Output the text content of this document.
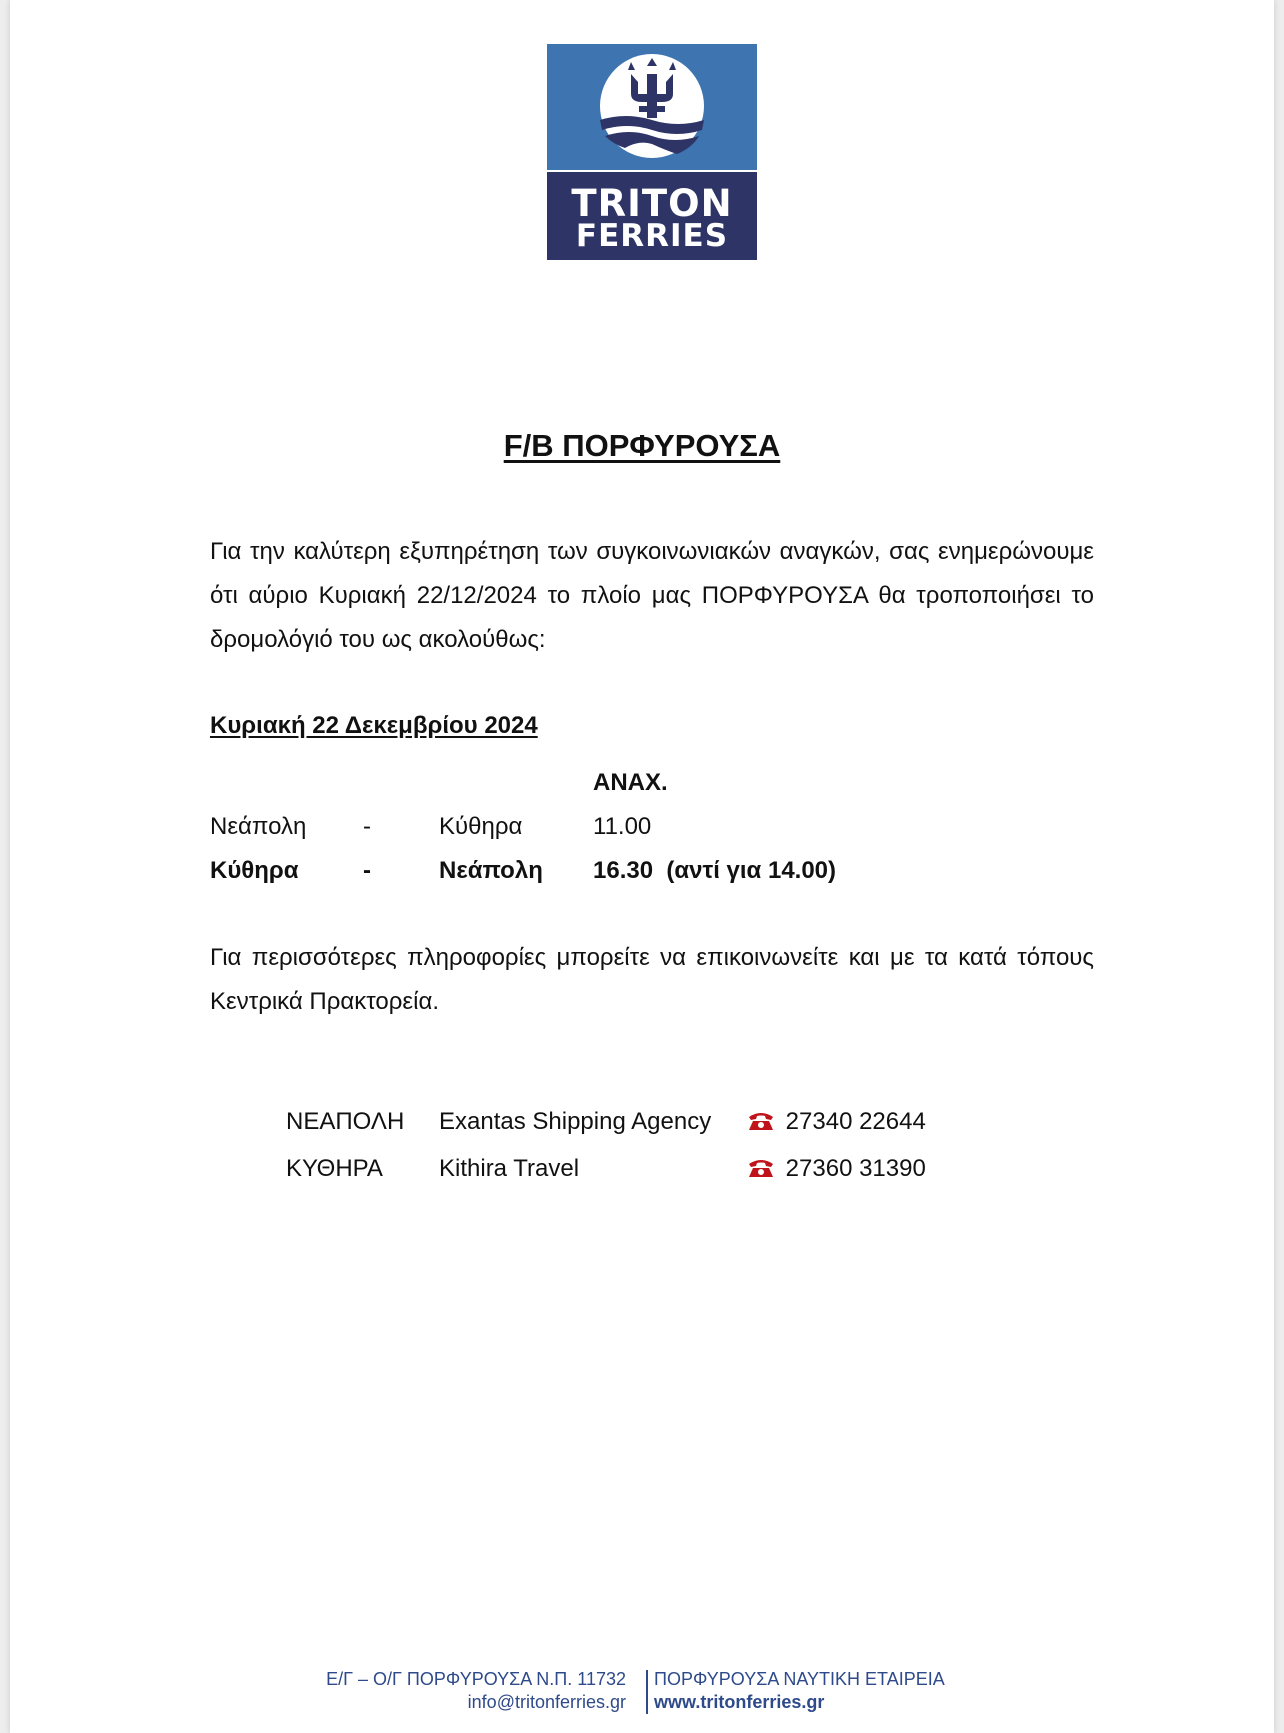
TRITON
FERRIES
F/B ΠΟΡΦΥΡΟΥΣΑ
Για την καλύτερη εξυπηρέτηση των συγκοινωνιακών αναγκών, σας ενημερώνουμε ότι αύριο Κυριακή 22/12/2024 το πλοίο μας ΠΟΡΦΥΡΟΥΣΑ θα τροποποιήσει το δρομολόγιό του ως ακολούθως:
Κυριακή 22 Δεκεμβρίου 2024
ΑΝΑΧ.
Νεάπολη -	Κύθηρα	11.00
Κύθηρα	-	Νεάπολη 16.30  (αντί για 14.00)
Για περισσότερες πληροφορίες μπορείτε να επικοινωνείτε και με τα κατά τόπους Κεντρικά Πρακτορεία.
ΝΕΑΠΟΛΗ Exantas Shipping Agency	27340 22644
ΚΥΘΗΡΑ Kithira Travel	27360 31390
Ε/Γ – Ο/Γ ΠΟΡΦΥΡΟΥΣΑ Ν.Π. 11732
info@tritonferries.gr
ΠΟΡΦΥΡΟΥΣΑ ΝΑΥΤΙΚΗ ΕΤΑΙΡΕΙΑ
www.tritonferries.gr
